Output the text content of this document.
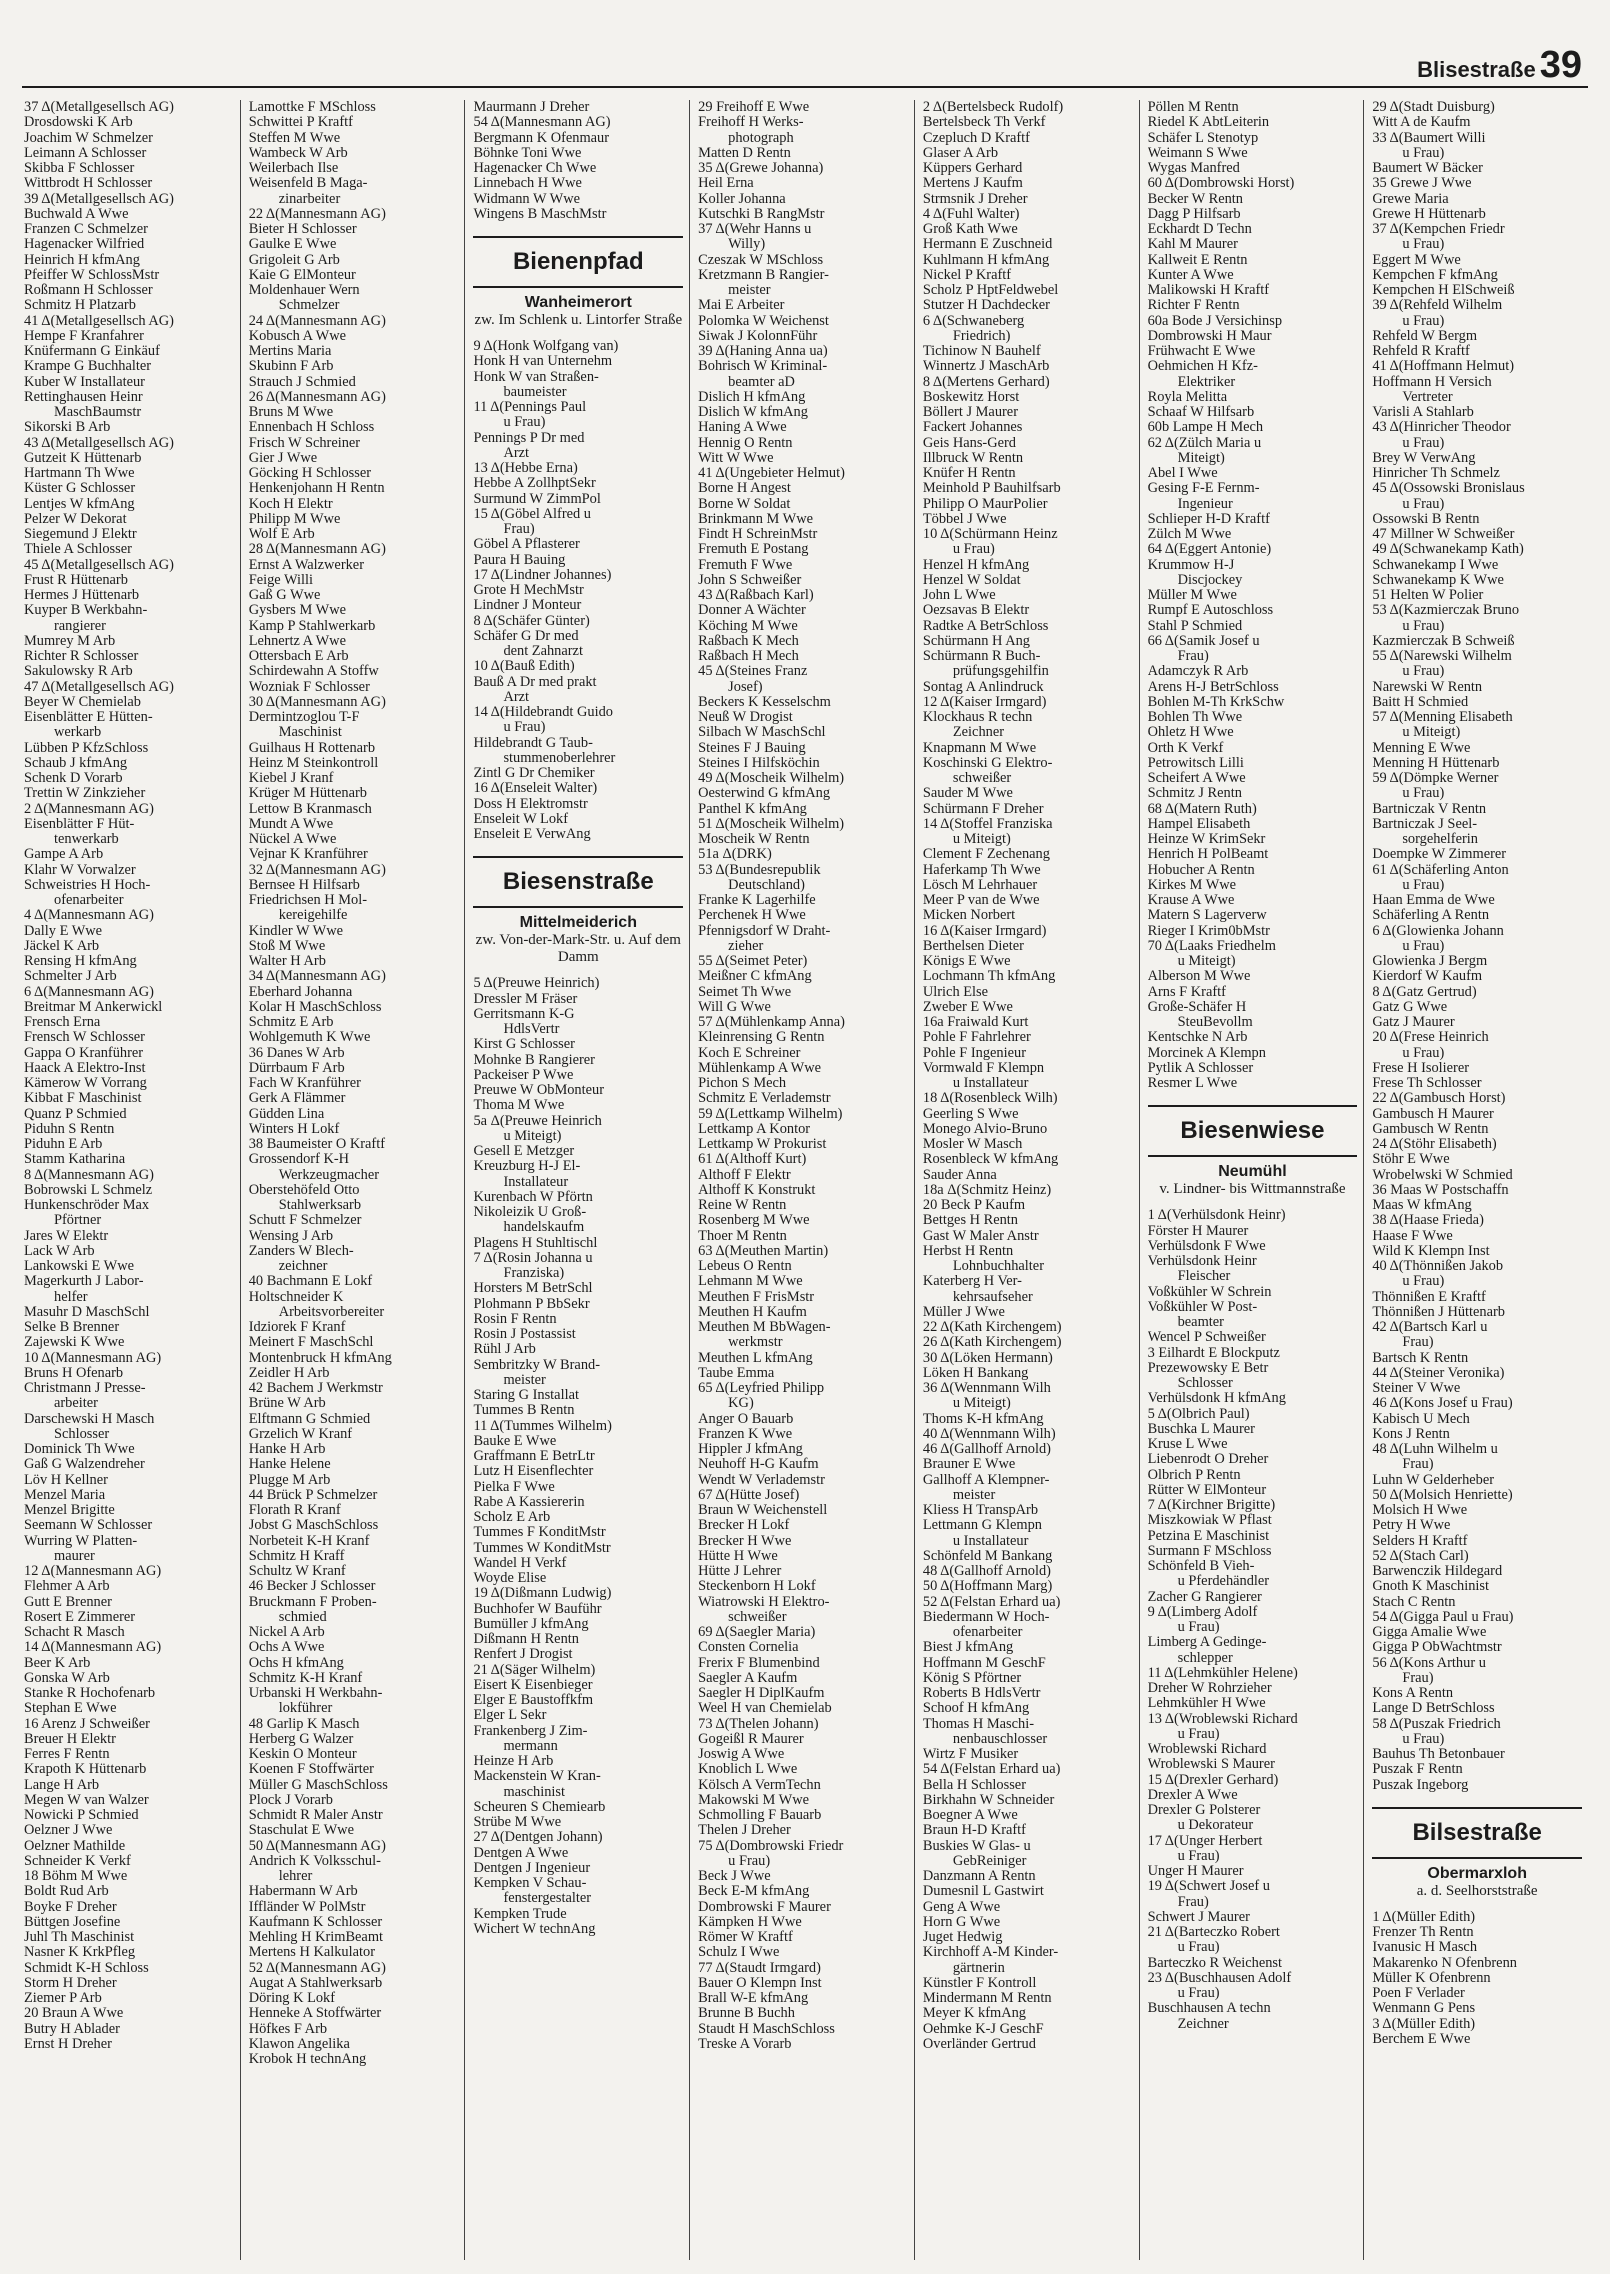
Blisestraße 39
37 Δ(Metallgesellsch AG)
Drosdowski K Arb
Joachim W Schmelzer
Leimann A Schlosser
Skibba F Schlosser
Wittbrodt H Schlosser
39 Δ(Metallgesellsch AG)
Buchwald A Wwe
Franzen C Schmelzer
Hagenacker Wilfried
Heinrich H kfmAng
Pfeiffer W SchlossMstr
Roßmann H Schlosser
Schmitz H Platzarb
41 Δ(Metallgesellsch AG)
Hempe F Kranfahrer
Knüfermann G Einkäuf
Krampe G Buchhalter
Kuber W Installateur
Rettinghausen Heinr
MaschBaumstr
Sikorski B Arb
43 Δ(Metallgesellsch AG)
Gutzeit K Hüttenarb
Hartmann Th Wwe
Küster G Schlosser
Lentjes W kfmAng
Pelzer W Dekorat
Siegemund J Elektr
Thiele A Schlosser
45 Δ(Metallgesellsch AG)
Frust R Hüttenarb
Hermes J Hüttenarb
Kuyper B Werkbahn-
rangierer
Mumrey M Arb
Richter R Schlosser
Sakulowsky R Arb
47 Δ(Metallgesellsch AG)
Beyer W Chemielab
Eisenblätter E Hütten-
werkarb
Lübben P KfzSchloss
Schaub J kfmAng
Schenk D Vorarb
Trettin W Zinkzieher
2 Δ(Mannesmann AG)
Eisenblätter F Hüt-
tenwerkarb
Gampe A Arb
Klahr W Vorwalzer
Schweistries H Hoch-
ofenarbeiter
4 Δ(Mannesmann AG)
Dally E Wwe
Jäckel K Arb
Rensing H kfmAng
Schmelter J Arb
6 Δ(Mannesmann AG)
Breitmar M Ankerwickl
Frensch Erna
Frensch W Schlosser
Gappa O Kranführer
Haack A Elektro-Inst
Kämerow W Vorrang
Kibbat F Maschinist
Quanz P Schmied
Piduhn S Rentn
Piduhn E Arb
Stamm Katharina
8 Δ(Mannesmann AG)
Bobrowski L Schmelz
Hunkenschröder Max
Pförtner
Jares W Elektr
Lack W Arb
Lankowski E Wwe
Magerkurth J Labor-
helfer
Masuhr D MaschSchl
Selke B Brenner
Zajewski K Wwe
10 Δ(Mannesmann AG)
Bruns H Ofenarb
Christmann J Presse-
arbeiter
Darschewski H Masch
Schlosser
Dominick Th Wwe
Gaß G Walzendreher
Löv H Kellner
Menzel Maria
Menzel Brigitte
Seemann W Schlosser
Wurring W Platten-
maurer
12 Δ(Mannesmann AG)
Flehmer A Arb
Gutt E Brenner
Rosert E Zimmerer
Schacht R Masch
14 Δ(Mannesmann AG)
Beer K Arb
Gonska W Arb
Stanke R Hochofenarb
Stephan E Wwe
16 Arenz J Schweißer
Breuer H Elektr
Ferres F Rentn
Krapoth K Hüttenarb
Lange H Arb
Megen W van Walzer
Nowicki P Schmied
Oelzner J Wwe
Oelzner Mathilde
Schneider K Verkf
18 Böhm M Wwe
Boldt Rud Arb
Boyke F Dreher
Büttgen Josefine
Juhl Th Maschinist
Nasner K KrkPfleg
Schmidt K-H Schloss
Storm H Dreher
Ziemer P Arb
20 Braun A Wwe
Butry H Ablader
Ernst H Dreher
Lamottke F MSchloss
Schwittei P Kraftf
Steffen M Wwe
Wambeck W Arb
Weilerbach Ilse
Weisenfeld B Maga-
zinarbeiter
22 Δ(Mannesmann AG)
Bieter H Schlosser
Gaulke E Wwe
Grigoleit G Arb
Kaie G ElMonteur
Moldenhauer Wern
Schmelzer
24 Δ(Mannesmann AG)
Kobusch A Wwe
Mertins Maria
Skubinn F Arb
Strauch J Schmied
26 Δ(Mannesmann AG)
Bruns M Wwe
Ennenbach H Schloss
Frisch W Schreiner
Gier J Wwe
Göcking H Schlosser
Henkenjohann H Rentn
Koch H Elektr
Philipp M Wwe
Wolf E Arb
28 Δ(Mannesmann AG)
Ernst A Walzwerker
Feige Willi
Gaß G Wwe
Gysbers M Wwe
Kamp P Stahlwerkarb
Lehnertz A Wwe
Ottersbach E Arb
Schirdewahn A Stoffw
Wozniak F Schlosser
30 Δ(Mannesmann AG)
Dermintzoglou T-F
Maschinist
Guilhaus H Rottenarb
Heinz M Steinkontroll
Kiebel J Kranf
Krüger M Hüttenarb
Lettow B Kranmasch
Mundt A Wwe
Nückel A Wwe
Vejnar K Kranführer
32 Δ(Mannesmann AG)
Bernsee H Hilfsarb
Friedrichsen H Mol-
kereigehilfe
Kindler W Wwe
Stoß M Wwe
Walter H Arb
34 Δ(Mannesmann AG)
Eberhard Johanna
Kolar H MaschSchloss
Schmitz E Arb
Wohlgemuth K Wwe
36 Danes W Arb
Dürrbaum F Arb
Fach W Kranführer
Gerk A Flämmer
Güdden Lina
Winters H Lokf
38 Baumeister O Kraftf
Grossendorf K-H
Werkzeugmacher
Oberstehöfeld Otto
Stahlwerksarb
Schutt F Schmelzer
Wensing J Arb
Zanders W Blech-
zeichner
40 Bachmann E Lokf
Holtschneider K
Arbeitsvorbereiter
Idziorek F Kranf
Meinert F MaschSchl
Montenbruck H kfmAng
Zeidler H Arb
42 Bachem J Werkmstr
Brüne W Arb
Elftmann G Schmied
Grzelich W Kranf
Hanke H Arb
Hanke Helene
Plugge M Arb
44 Brück P Schmelzer
Florath R Kranf
Jobst G MaschSchloss
Norbeteit K-H Kranf
Schmitz H Kraff
Schultz W Kranf
46 Becker J Schlosser
Bruckmann F Proben-
schmied
Nickel A Arb
Ochs A Wwe
Ochs H kfmAng
Schmitz K-H Kranf
Urbanski H Werkbahn-
lokführer
48 Garlip K Masch
Herberg G Walzer
Keskin O Monteur
Koenen F Stoffwärter
Müller G MaschSchloss
Plock J Vorarb
Schmidt R Maler Anstr
Staschulat E Wwe
50 Δ(Mannesmann AG)
Andrich K Volksschul-
lehrer
Habermann W Arb
Iffländer W PolMstr
Kaufmann K Schlosser
Mehling H KrimBeamt
Mertens H Kalkulator
52 Δ(Mannesmann AG)
Augat A Stahlwerksarb
Döring K Lokf
Henneke A Stoffwärter
Höfkes F Arb
Klawon Angelika
Krobok H technAng
Maurmann J Dreher
54 Δ(Mannesmann AG)
Bergmann K Ofenmaur
Böhnke Toni Wwe
Hagenacker Ch Wwe
Linnebach H Wwe
Widmann W Wwe
Wingens B MaschMstr
Bienenpfad
Wanheimerort
zw. Im Schlenk u. Lintorfer Straße
9 Δ(Honk Wolfgang van)
Honk H van Unternehm
Honk W van Straßen-
baumeister
11 Δ(Pennings Paul
u Frau)
Pennings P Dr med
Arzt
13 Δ(Hebbe Erna)
Hebbe A ZollhptSekr
Surmund W ZimmPol
15 Δ(Göbel Alfred u
Frau)
Göbel A Pflasterer
Paura H Bauing
17 Δ(Lindner Johannes)
Grote H MechMstr
Lindner J Monteur
8 Δ(Schäfer Günter)
Schäfer G Dr med
dent Zahnarzt
10 Δ(Bauß Edith)
Bauß A Dr med prakt
Arzt
14 Δ(Hildebrandt Guido
u Frau)
Hildebrandt G Taub-
stummenoberlehrer
Zintl G Dr Chemiker
16 Δ(Enseleit Walter)
Doss H Elektromstr
Enseleit W Lokf
Enseleit E VerwAng
Biesenstraße
Mittelmeiderich
zw. Von-der-Mark-Str. u. Auf dem Damm
5 Δ(Preuwe Heinrich)
Dressler M Fräser
Gerritsmann K-G
HdlsVertr
Kirst G Schlosser
Mohnke B Rangierer
Packeiser P Wwe
Preuwe W ObMonteur
Thoma M Wwe
5a Δ(Preuwe Heinrich
u Miteigt)
Gesell E Metzger
Kreuzburg H-J El-
Installateur
Kurenbach W Pförtn
Nikoleizik U Groß-
handelskaufm
Plagens H Stuhltischl
7 Δ(Rosin Johanna u
Franziska)
Horsters M BetrSchl
Plohmann P BbSekr
Rosin F Rentn
Rosin J Postassist
Rühl J Arb
Sembritzky W Brand-
meister
Staring G Installat
Tummes B Rentn
11 Δ(Tummes Wilhelm)
Bauke E Wwe
Graffmann E BetrLtr
Lutz H Eisenflechter
Pielka F Wwe
Rabe A Kassiererin
Scholz E Arb
Tummes F KonditMstr
Tummes W KonditMstr
Wandel H Verkf
Woyde Elise
19 Δ(Dißmann Ludwig)
Buchhofer W Bauführ
Bumüller J kfmAng
Dißmann H Rentn
Renfert J Drogist
21 Δ(Säger Wilhelm)
Eisert K Eisenbieger
Elger E Baustoffkfm
Elger L Sekr
Frankenberg J Zim-
mermann
Heinze H Arb
Mackenstein W Kran-
maschinist
Scheuren S Chemiearb
Strübe M Wwe
27 Δ(Dentgen Johann)
Dentgen A Wwe
Dentgen J Ingenieur
Kempken V Schau-
fenstergestalter
Kempken Trude
Wichert W technAng
29 Freihoff E Wwe
Freihoff H Werks-
photograph
Matten D Rentn
35 Δ(Grewe Johanna)
Heil Erna
Koller Johanna
Kutschki B RangMstr
37 Δ(Wehr Hanns u
Willy)
Czeszak W MSchloss
Kretzmann B Rangier-
meister
Mai E Arbeiter
Polomka W Weichenst
Siwak J KolonnFühr
39 Δ(Haning Anna ua)
Bohrisch W Kriminal-
beamter aD
Dislich H kfmAng
Dislich W kfmAng
Haning A Wwe
Hennig O Rentn
Witt W Wwe
41 Δ(Ungebieter Helmut)
Borne H Angest
Borne W Soldat
Brinkmann M Wwe
Findt H SchreinMstr
Fremuth E Postang
Fremuth F Wwe
John S Schweißer
43 Δ(Raßbach Karl)
Donner A Wächter
Köching M Wwe
Raßbach K Mech
Raßbach H Mech
45 Δ(Steines Franz
Josef)
Beckers K Kesselschm
Neuß W Drogist
Silbach W MaschSchl
Steines F J Bauing
Steines I Hilfsköchin
49 Δ(Moscheik Wilhelm)
Oesterwind G kfmAng
Panthel K kfmAng
51 Δ(Moscheik Wilhelm)
Moscheik W Rentn
51a Δ(DRK)
53 Δ(Bundesrepublik
Deutschland)
Franke K Lagerhilfe
Perchenek H Wwe
Pfennigsdorf W Draht-
zieher
55 Δ(Seimet Peter)
Meißner C kfmAng
Seimet Th Wwe
Will G Wwe
57 Δ(Mühlenkamp Anna)
Kleinrensing G Rentn
Koch E Schreiner
Mühlenkamp A Wwe
Pichon S Mech
Schmitz E Verlademstr
59 Δ(Lettkamp Wilhelm)
Lettkamp A Kontor
Lettkamp W Prokurist
61 Δ(Althoff Kurt)
Althoff F Elektr
Althoff K Konstrukt
Reine W Rentn
Rosenberg M Wwe
Thoer M Rentn
63 Δ(Meuthen Martin)
Lebeus O Rentn
Lehmann M Wwe
Meuthen F FrisMstr
Meuthen H Kaufm
Meuthen M BbWagen-
werkmstr
Meuthen L kfmAng
Taube Emma
65 Δ(Leyfried Philipp
KG)
Anger O Bauarb
Franzen K Wwe
Hippler J kfmAng
Neuhoff H-G Kaufm
Wendt W Verlademstr
67 Δ(Hütte Josef)
Braun W Weichenstell
Brecker H Lokf
Brecker H Wwe
Hütte H Wwe
Hütte J Lehrer
Steckenborn H Lokf
Wiatrowski H Elektro-
schweißer
69 Δ(Saegler Maria)
Consten Cornelia
Frerix F Blumenbind
Saegler A Kaufm
Saegler H DiplKaufm
Weel H van Chemielab
73 Δ(Thelen Johann)
Gogeißl R Maurer
Joswig A Wwe
Knoblich L Wwe
Kölsch A VermTechn
Makowski M Wwe
Schmolling F Bauarb
Thelen J Dreher
75 Δ(Dombrowski Friedr
u Frau)
Beck J Wwe
Beck E-M kfmAng
Dombrowski F Maurer
Kämpken H Wwe
Römer W Kraftf
Schulz I Wwe
77 Δ(Staudt Irmgard)
Bauer O Klempn Inst
Brall W-E kfmAng
Brunne B Buchh
Staudt H MaschSchloss
Treske A Vorarb
2 Δ(Bertelsbeck Rudolf)
Bertelsbeck Th Verkf
Czepluch D Kraftf
Glaser A Arb
Küppers Gerhard
Mertens J Kaufm
Strmsnik J Dreher
4 Δ(Fuhl Walter)
Groß Kath Wwe
Hermann E Zuschneid
Kuhlmann H kfmAng
Nickel P Kraftf
Scholz P HptFeldwebel
Stutzer H Dachdecker
6 Δ(Schwaneberg
Friedrich)
Tichinow N Bauhelf
Winnertz J MaschArb
8 Δ(Mertens Gerhard)
Boskewitz Horst
Böllert J Maurer
Fackert Johannes
Geis Hans-Gerd
Illbruck W Rentn
Knüfer H Rentn
Meinhold P Bauhilfsarb
Philipp O MaurPolier
Többel J Wwe
10 Δ(Schürmann Heinz
u Frau)
Henzel H kfmAng
Henzel W Soldat
John L Wwe
Oezsavas B Elektr
Radtke A BetrSchloss
Schürmann H Ang
Schürmann R Buch-
prüfungsgehilfin
Sontag A Anlindruck
12 Δ(Kaiser Irmgard)
Klockhaus R techn
Zeichner
Knapmann M Wwe
Koschinski G Elektro-
schweißer
Sauder M Wwe
Schürmann F Dreher
14 Δ(Stoffel Franziska
u Miteigt)
Clement F Zechenang
Haferkamp Th Wwe
Lösch M Lehrhauer
Meer P van de Wwe
Micken Norbert
16 Δ(Kaiser Irmgard)
Berthelsen Dieter
Königs E Wwe
Lochmann Th kfmAng
Ulrich Else
Zweber E Wwe
16a Fraiwald Kurt
Pohle F Fahrlehrer
Pohle F Ingenieur
Vormwald F Klempn
u Installateur
18 Δ(Rosenbleck Wilh)
Geerling S Wwe
Monego Alvio-Bruno
Mosler W Masch
Rosenbleck W kfmAng
Sauder Anna
18a Δ(Schmitz Heinz)
20 Beck P Kaufm
Bettges H Rentn
Gast W Maler Anstr
Herbst H Rentn
Lohnbuchhalter
Katerberg H Ver-
kehrsaufseher
Müller J Wwe
22 Δ(Kath Kirchengem)
26 Δ(Kath Kirchengem)
30 Δ(Löken Hermann)
Löken H Bankang
36 Δ(Wennmann Wilh
u Miteigt)
Thoms K-H kfmAng
40 Δ(Wennmann Wilh)
46 Δ(Gallhoff Arnold)
Brauner E Wwe
Gallhoff A Klempner-
meister
Kliess H TranspArb
Lettmann G Klempn
u Installateur
Schönfeld M Bankang
48 Δ(Gallhoff Arnold)
50 Δ(Hoffmann Marg)
52 Δ(Felstan Erhard ua)
Biedermann W Hoch-
ofenarbeiter
Biest J kfmAng
Hoffmann M GeschF
König S Pförtner
Roberts B HdlsVertr
Schoof H kfmAng
Thomas H Maschi-
nenbauschlosser
Wirtz F Musiker
54 Δ(Felstan Erhard ua)
Bella H Schlosser
Birkhahn W Schneider
Boegner A Wwe
Braun H-D Kraftf
Buskies W Glas- u
GebReiniger
Danzmann A Rentn
Dumesnil L Gastwirt
Geng A Wwe
Horn G Wwe
Juget Hedwig
Kirchhoff A-M Kinder-
gärtnerin
Künstler F Kontroll
Mindermann M Rentn
Meyer K kfmAng
Oehmke K-J GeschF
Overländer Gertrud
Pöllen M Rentn
Riedel K AbtLeiterin
Schäfer L Stenotyp
Weimann S Wwe
Wygas Manfred
60 Δ(Dombrowski Horst)
Becker W Rentn
Dagg P Hilfsarb
Eckhardt D Techn
Kahl M Maurer
Kallweit E Rentn
Kunter A Wwe
Malikowski H Kraftf
Richter F Rentn
60a Bode J Versichinsp
Dombrowski H Maur
Frühwacht E Wwe
Oehmichen H Kfz-
Elektriker
Royla Melitta
Schaaf W Hilfsarb
60b Lampe H Mech
62 Δ(Zülch Maria u
Miteigt)
Abel I Wwe
Gesing F-E Fernm-
Ingenieur
Schlieper H-D Kraftf
Zülch M Wwe
64 Δ(Eggert Antonie)
Krummow H-J
Discjockey
Müller M Wwe
Rumpf E Autoschloss
Stahl P Schmied
66 Δ(Samik Josef u
Frau)
Adamczyk R Arb
Arens H-J BetrSchloss
Bohlen M-Th KrkSchw
Bohlen Th Wwe
Ohletz H Wwe
Orth K Verkf
Petrowitsch Lilli
Scheifert A Wwe
Schmitz J Rentn
68 Δ(Matern Ruth)
Hampel Elisabeth
Heinze W KrimSekr
Henrich H PolBeamt
Hobucher A Rentn
Kirkes M Wwe
Krause A Wwe
Matern S Lagerverw
Rieger I Krim0bMstr
70 Δ(Laaks Friedhelm
u Miteigt)
Alberson M Wwe
Arns F Kraftf
Große-Schäfer H
SteuBevollm
Kentschke N Arb
Morcinek A Klempn
Pytlik A Schlosser
Resmer L Wwe
Biesenwiese
Neumühl
v. Lindner- bis Wittmannstraße
1 Δ(Verhülsdonk Heinr)
Förster H Maurer
Verhülsdonk F Wwe
Verhülsdonk Heinr
Fleischer
Voßkühler W Schrein
Voßkühler W Post-
beamter
Wencel P Schweißer
3 Eilhardt E Blockputz
Prezewowsky E Betr
Schlosser
Verhülsdonk H kfmAng
5 Δ(Olbrich Paul)
Buschka L Maurer
Kruse L Wwe
Liebenrodt O Dreher
Olbrich P Rentn
Rütter W ElMonteur
7 Δ(Kirchner Brigitte)
Miszkowiak W Pflast
Petzina E Maschinist
Surmann F MSchloss
Schönfeld B Vieh-
u Pferdehändler
Zacher G Rangierer
9 Δ(Limberg Adolf
u Frau)
Limberg A Gedinge-
schlepper
11 Δ(Lehmkühler Helene)
Dreher W Rohrzieher
Lehmkühler H Wwe
13 Δ(Wroblewski Richard
u Frau)
Wroblewski Richard
Wroblewski S Maurer
15 Δ(Drexler Gerhard)
Drexler A Wwe
Drexler G Polsterer
u Dekorateur
17 Δ(Unger Herbert
u Frau)
Unger H Maurer
19 Δ(Schwert Josef u
Frau)
Schwert J Maurer
21 Δ(Barteczko Robert
u Frau)
Barteczko R Weichenst
23 Δ(Buschhausen Adolf
u Frau)
Buschhausen A techn
Zeichner
29 Δ(Stadt Duisburg)
Witt A de Kaufm
33 Δ(Baumert Willi
u Frau)
Baumert W Bäcker
35 Grewe J Wwe
Grewe Maria
Grewe H Hüttenarb
37 Δ(Kempchen Friedr
u Frau)
Eggert M Wwe
Kempchen F kfmAng
Kempchen H ElSchweiß
39 Δ(Rehfeld Wilhelm
u Frau)
Rehfeld W Bergm
Rehfeld R Kraftf
41 Δ(Hoffmann Helmut)
Hoffmann H Versich
Vertreter
Varisli A Stahlarb
43 Δ(Hinricher Theodor
u Frau)
Brey W VerwAng
Hinricher Th Schmelz
45 Δ(Ossowski Bronislaus
u Frau)
Ossowski B Rentn
47 Millner W Schweißer
49 Δ(Schwanekamp Kath)
Schwanekamp I Wwe
Schwanekamp K Wwe
51 Helten W Polier
53 Δ(Kazmierczak Bruno
u Frau)
Kazmierczak B Schweiß
55 Δ(Narewski Wilhelm
u Frau)
Narewski W Rentn
Baitt H Schmied
57 Δ(Menning Elisabeth
u Miteigt)
Menning E Wwe
Menning H Hüttenarb
59 Δ(Dömpke Werner
u Frau)
Bartniczak V Rentn
Bartniczak J Seel-
sorgehelferin
Doempke W Zimmerer
61 Δ(Schäferling Anton
u Frau)
Haan Emma de Wwe
Schäferling A Rentn
6 Δ(Glowienka Johann
u Frau)
Glowienka J Bergm
Kierdorf W Kaufm
8 Δ(Gatz Gertrud)
Gatz G Wwe
Gatz J Maurer
20 Δ(Frese Heinrich
u Frau)
Frese H Isolierer
Frese Th Schlosser
22 Δ(Gambusch Horst)
Gambusch H Maurer
Gambusch W Rentn
24 Δ(Stöhr Elisabeth)
Stöhr E Wwe
Wrobelwski W Schmied
36 Maas W Postschaffn
Maas W kfmAng
38 Δ(Haase Frieda)
Haase F Wwe
Wild K Klempn Inst
40 Δ(Thönnißen Jakob
u Frau)
Thönnißen E Kraftf
Thönnißen J Hüttenarb
42 Δ(Bartsch Karl u
Frau)
Bartsch K Rentn
44 Δ(Steiner Veronika)
Steiner V Wwe
46 Δ(Kons Josef u Frau)
Kabisch U Mech
Kons J Rentn
48 Δ(Luhn Wilhelm u
Frau)
Luhn W Gelderheber
50 Δ(Molsich Henriette)
Molsich H Wwe
Petry H Wwe
Selders H Kraftf
52 Δ(Stach Carl)
Barwenczik Hildegard
Gnoth K Maschinist
Stach C Rentn
54 Δ(Gigga Paul u Frau)
Gigga Amalie Wwe
Gigga P ObWachtmstr
56 Δ(Kons Arthur u
Frau)
Kons A Rentn
Lange D BetrSchloss
58 Δ(Puszak Friedrich
u Frau)
Bauhus Th Betonbauer
Puszak F Rentn
Puszak Ingeborg
Bilsestraße
Obermarxloh
a. d. Seelhorststraße
1 Δ(Müller Edith)
Frenzer Th Rentn
Ivanusic H Masch
Makarenko N Ofenbrenn
Müller K Ofenbrenn
Poen F Verlader
Wenmann G Pens
3 Δ(Müller Edith)
Berchem E Wwe
